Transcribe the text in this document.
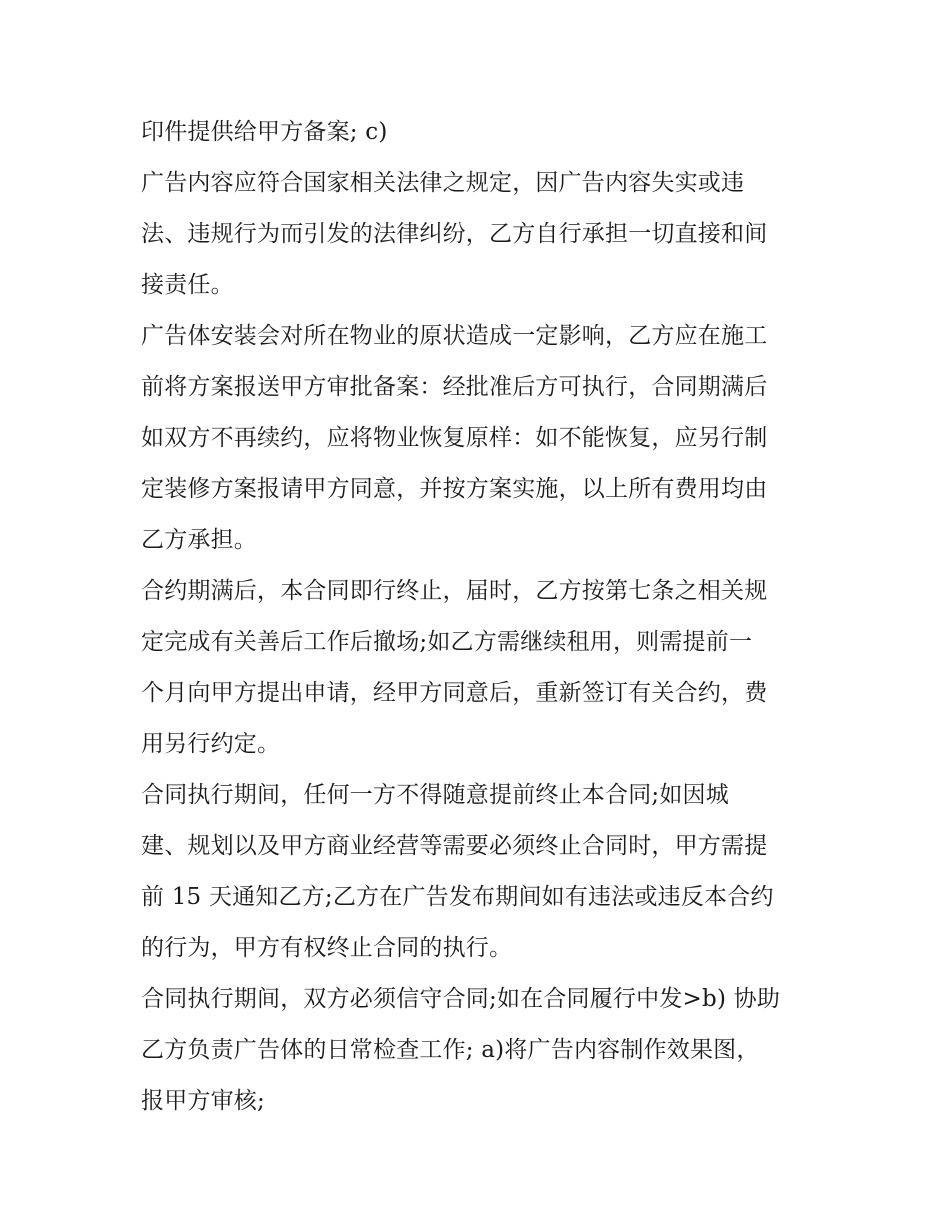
印件提供给甲方备案; c)
广告内容应符合国家相关法律之规定，因广告内容失实或违
法、违规行为而引发的法律纠纷，乙方自行承担一切直接和间
接责任。
广告体安装会对所在物业的原状造成一定影响，乙方应在施工
前将方案报送甲方审批备案：经批准后方可执行，合同期满后
如双方不再续约，应将物业恢复原样：如不能恢复，应另行制
定装修方案报请甲方同意，并按方案实施，以上所有费用均由
乙方承担。
合约期满后，本合同即行终止，届时，乙方按第七条之相关规
定完成有关善后工作后撤场;如乙方需继续租用，则需提前一
个月向甲方提出申请，经甲方同意后，重新签订有关合约，费
用另行约定。
合同执行期间，任何一方不得随意提前终止本合同;如因城
建、规划以及甲方商业经营等需要必须终止合同时，甲方需提
前 15 天通知乙方;乙方在广告发布期间如有违法或违反本合约
的行为，甲方有权终止合同的执行。
合同执行期间，双方必须信守合同;如在合同履行中发>b) 协助
乙方负责广告体的日常检查工作; a)将广告内容制作效果图，
报甲方审核;
